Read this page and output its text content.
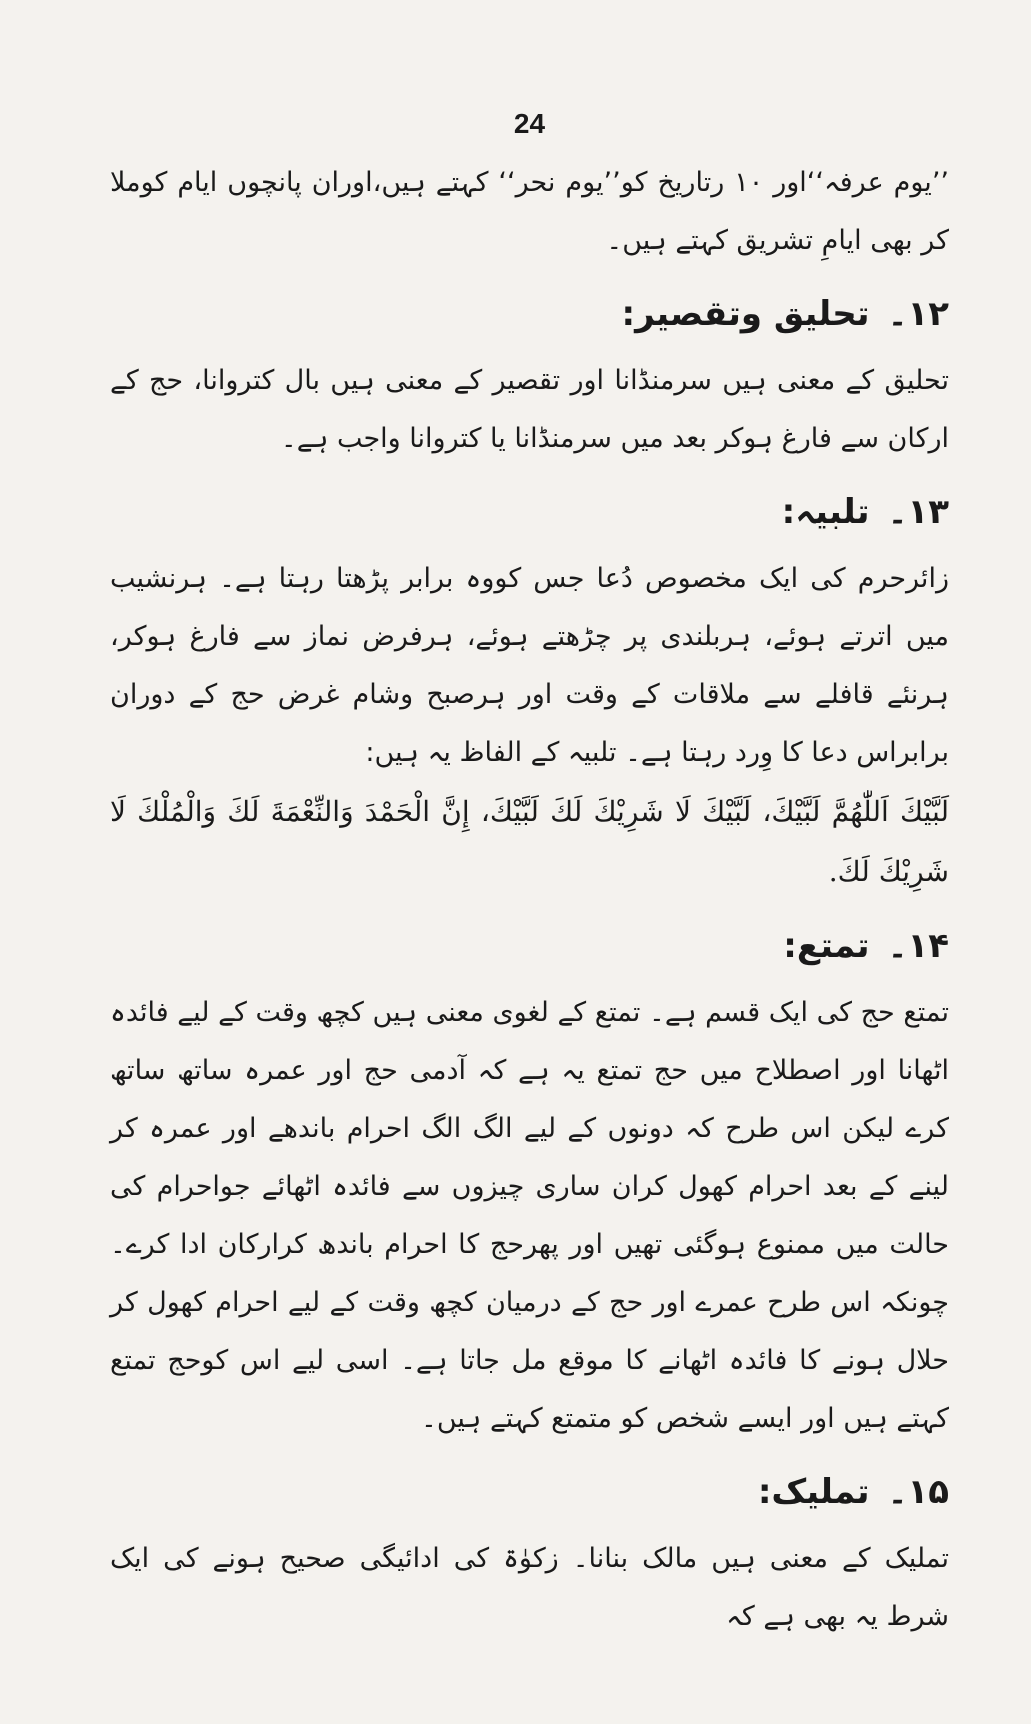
24

’’یوم عرفہ‘‘اور ۱۰ رتاریخ کو’’یوم نحر‘‘ کہتے ہیں،اوران پانچوں ایام کوملا کر بھی ایامِ تشریق کہتے ہیں۔

۱۲۔تحلیق وتقصیر:

تحلیق کے معنی ہیں سرمنڈانا اور تقصیر کے معنی ہیں بال کتروانا، حج کے ارکان سے فارغ ہوکر بعد میں سرمنڈانا یا کتروانا واجب ہے۔

۱۳۔تلبیہ:

زائرحرم کی ایک مخصوص دُعا جس کووہ برابر پڑھتا رہتا ہے۔ ہرنشیب میں اترتے ہوئے، ہربلندی پر چڑھتے ہوئے، ہرفرض نماز سے فارغ ہوکر، ہرنئے قافلے سے ملاقات کے وقت اور ہرصبح وشام غرض حج کے دوران برابراس دعا کا وِرد رہتا ہے۔ تلبیہ کے الفاظ یہ ہیں:

لَبَّيْكَ اَللّٰهُمَّ لَبَّيْكَ، لَبَّيْكَ لَا شَرِيْكَ لَكَ لَبَّيْكَ، إِنَّ الْحَمْدَ وَالنِّعْمَةَ لَكَ وَالْمُلْكَ لَا شَرِيْكَ لَكَ.

۱۴۔تمتع:

تمتع حج کی ایک قسم ہے۔ تمتع کے لغوی معنی ہیں کچھ وقت کے لیے فائدہ اٹھانا اور اصطلاح میں حج تمتع یہ ہے کہ آدمی حج اور عمرہ ساتھ ساتھ کرے لیکن اس طرح کہ دونوں کے لیے الگ الگ احرام باندھے اور عمرہ کر لینے کے بعد احرام کھول کران ساری چیزوں سے فائدہ اٹھائے جواحرام کی حالت میں ممنوع ہوگئی تھیں اور پھرحج کا احرام باندھ کرارکان ادا کرے۔ چونکہ اس طرح عمرے اور حج کے درمیان کچھ وقت کے لیے احرام کھول کر حلال ہونے کا فائدہ اٹھانے کا موقع مل جاتا ہے۔ اسی لیے اس کوحج تمتع کہتے ہیں اور ایسے شخص کو متمتع کہتے ہیں۔

۱۵۔تملیک:

تملیک کے معنی ہیں مالک بنانا۔ زکوٰۃ کی ادائیگی صحیح ہونے کی ایک شرط یہ بھی ہے کہ
